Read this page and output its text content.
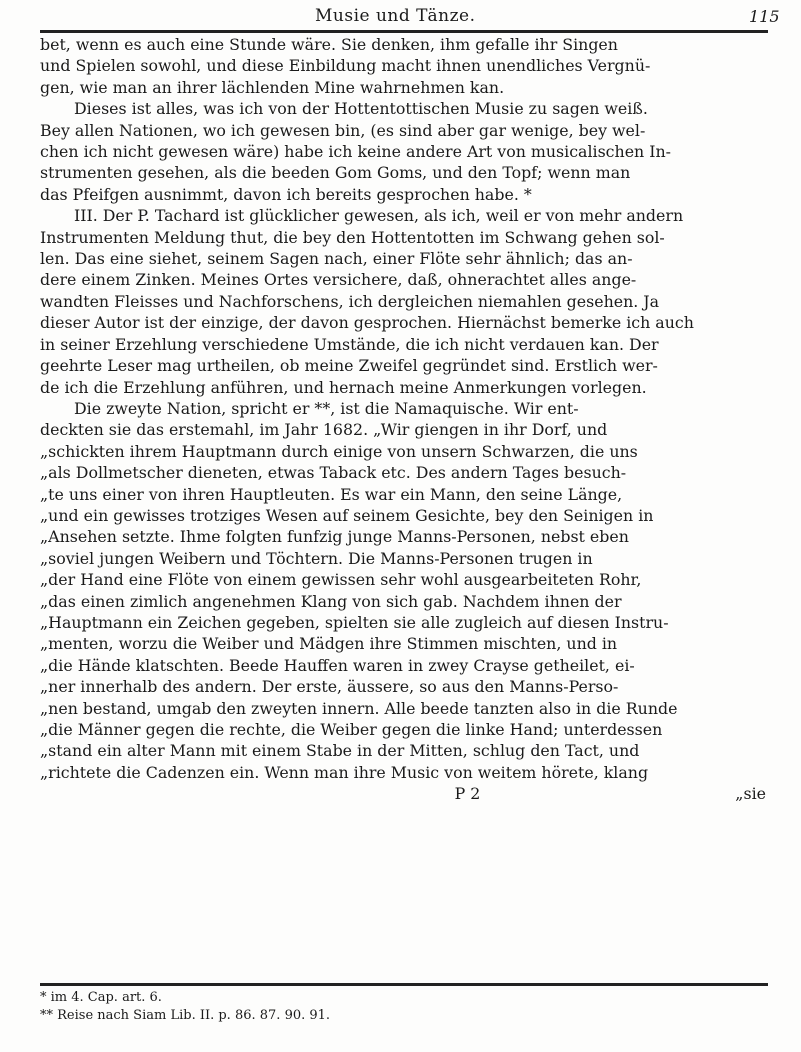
Musie und Tänze.	115
bet, wenn es auch eine Stunde wäre. Sie denken, ihm gefalle ihr Singen
und Spielen sowohl, und diese Einbildung macht ihnen unendliches Vergnü-
gen, wie man an ihrer lächlenden Mine wahrnehmen kan.
Dieses ist alles, was ich von der Hottentottischen Musie zu sagen weiß.
Bey allen Nationen, wo ich gewesen bin, (es sind aber gar wenige, bey wel-
chen ich nicht gewesen wäre) habe ich keine andere Art von musicalischen In-
strumenten gesehen, als die beeden Gom Goms, und den Topf; wenn man
das Pfeifgen ausnimmt, davon ich bereits gesprochen habe. *
III. Der P. Tachard ist glücklicher gewesen, als ich, weil er von mehr andern
Instrumenten Meldung thut, die bey den Hottentotten im Schwang gehen sol-
len. Das eine siehet, seinem Sagen nach, einer Flöte sehr ähnlich; das an-
dere einem Zinken. Meines Ortes versichere, daß, ohnerachtet alles ange-
wandten Fleisses und Nachforschens, ich dergleichen niemahlen gesehen. Ja
dieser Autor ist der einzige, der davon gesprochen. Hiernächst bemerke ich auch
in seiner Erzehlung verschiedene Umstände, die ich nicht verdauen kan. Der
geehrte Leser mag urtheilen, ob meine Zweifel gegründet sind. Erstlich wer-
de ich die Erzehlung anführen, und hernach meine Anmerkungen vorlegen.
Die zweyte Nation, spricht er **, ist die Namaquische. Wir ent-
deckten sie das erstemahl, im Jahr 1682. „Wir giengen in ihr Dorf, und
„schickten ihrem Hauptmann durch einige von unsern Schwarzen, die uns
„als Dollmetscher dieneten, etwas Taback etc. Des andern Tages besuch-
„te uns einer von ihren Hauptleuten. Es war ein Mann, den seine Länge,
„und ein gewisses trotziges Wesen auf seinem Gesichte, bey den Seinigen in
„Ansehen setzte. Ihme folgten funfzig junge Manns-Personen, nebst eben
„soviel jungen Weibern und Töchtern. Die Manns-Personen trugen in
„der Hand eine Flöte von einem gewissen sehr wohl ausgearbeiteten Rohr,
„das einen zimlich angenehmen Klang von sich gab. Nachdem ihnen der
„Hauptmann ein Zeichen gegeben, spielten sie alle zugleich auf diesen Instru-
„menten, worzu die Weiber und Mädgen ihre Stimmen mischten, und in
„die Hände klatschten. Beede Hauffen waren in zwey Crayse getheilet, ei-
„ner innerhalb des andern. Der erste, äussere, so aus den Manns-Perso-
„nen bestand, umgab den zweyten innern. Alle beede tanzten also in die Runde
„die Männer gegen die rechte, die Weiber gegen die linke Hand; unterdessen
„stand ein alter Mann mit einem Stabe in der Mitten, schlug den Tact, und
„richtete die Cadenzen ein. Wenn man ihre Music von weitem hörete, klang
P 2	„sie
* im 4. Cap. art. 6.
** Reise nach Siam Lib. II. p. 86. 87. 90. 91.
